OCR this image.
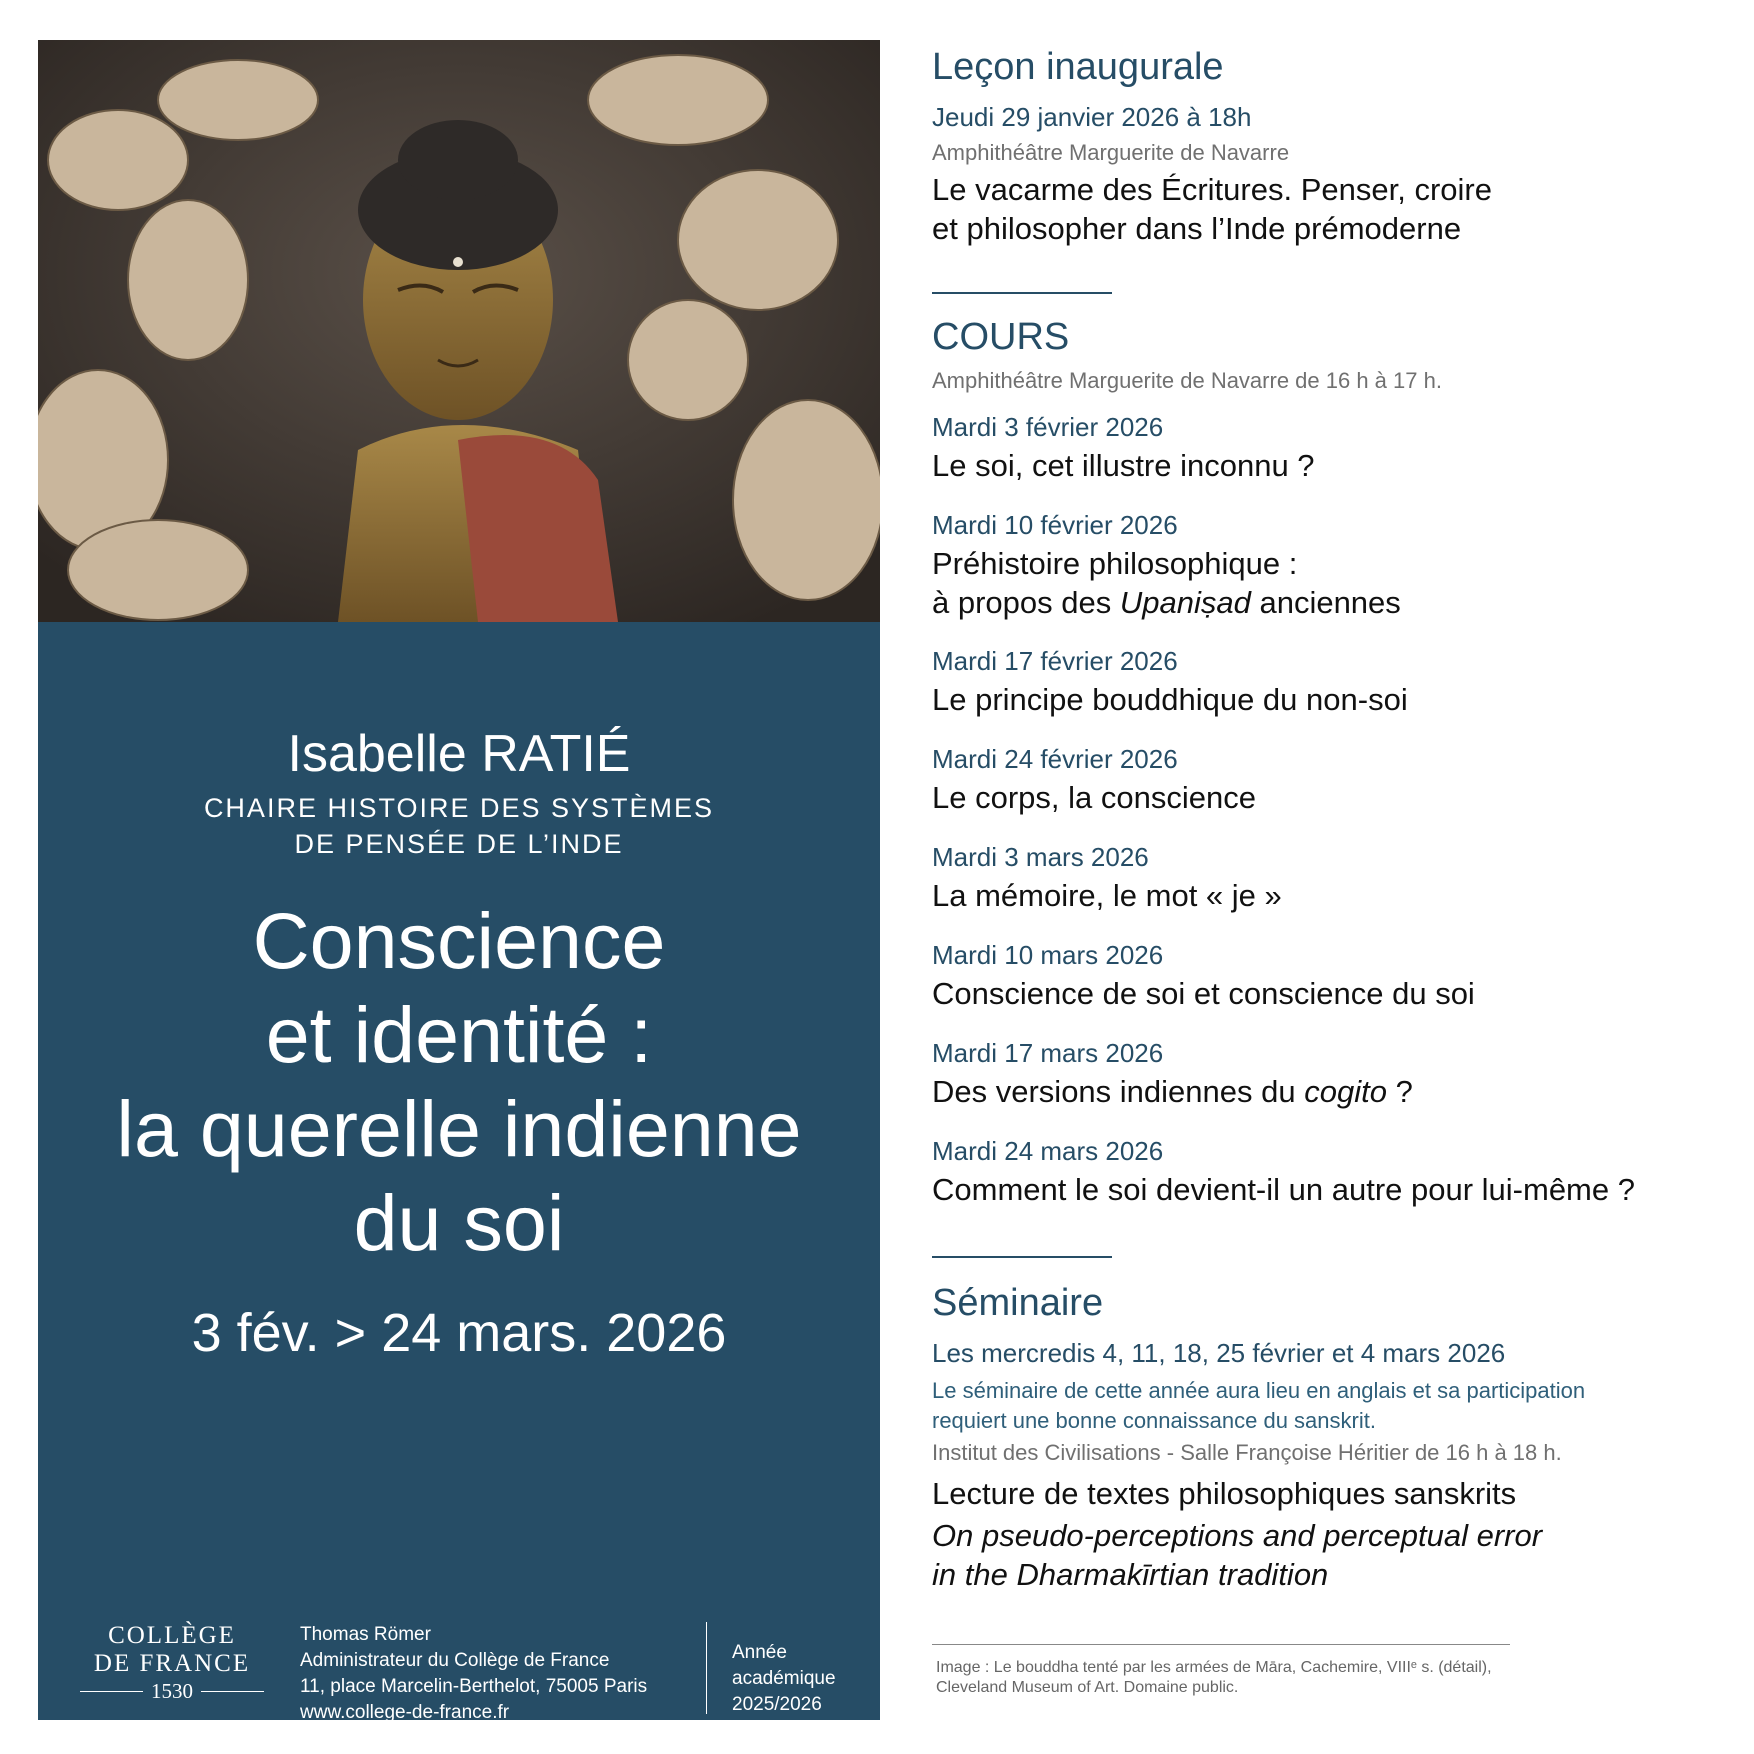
Isabelle RATIÉ
CHAIRE HISTOIRE DES SYSTÈMES
DE PENSÉE DE L’INDE
Conscience
et identité :
la querelle indienne
du soi
3 fév. > 24 mars. 2026
COLLÈGE
DE FRANCE
1530
Thomas Römer
Administrateur du Collège de France
11, place Marcelin-Berthelot, 75005 Paris
www.college-de-france.fr
Année
académique
2025/2026
Leçon inaugurale
Jeudi 29 janvier 2026 à 18h
Amphithéâtre Marguerite de Navarre
Le vacarme des Écritures. Penser, croire
et philosopher dans l’Inde prémoderne
COURS
Amphithéâtre Marguerite de Navarre de 16 h à 17 h.
Mardi 3 février 2026
Le soi, cet illustre inconnu ?
Mardi 10 février 2026
Préhistoire philosophique :
à propos des Upaniṣad anciennes
Mardi 17 février 2026
Le principe bouddhique du non-soi
Mardi 24 février 2026
Le corps, la conscience
Mardi 3 mars 2026
La mémoire, le mot « je »
Mardi 10 mars 2026
Conscience de soi et conscience du soi
Mardi 17 mars 2026
Des versions indiennes du cogito ?
Mardi 24 mars 2026
Comment le soi devient-il un autre pour lui-même ?
Séminaire
Les mercredis 4, 11, 18, 25 février et 4 mars 2026
Le séminaire de cette année aura lieu en anglais et sa participation
requiert une bonne connaissance du sanskrit.
Institut des Civilisations - Salle Françoise Héritier de 16 h à 18 h.
Lecture de textes philosophiques sanskrits
On pseudo-perceptions and perceptual error
in the Dharmakīrtian tradition
Image : Le bouddha tenté par les armées de Māra, Cachemire, VIIIᵉ s. (détail),
Cleveland Museum of Art. Domaine public.
